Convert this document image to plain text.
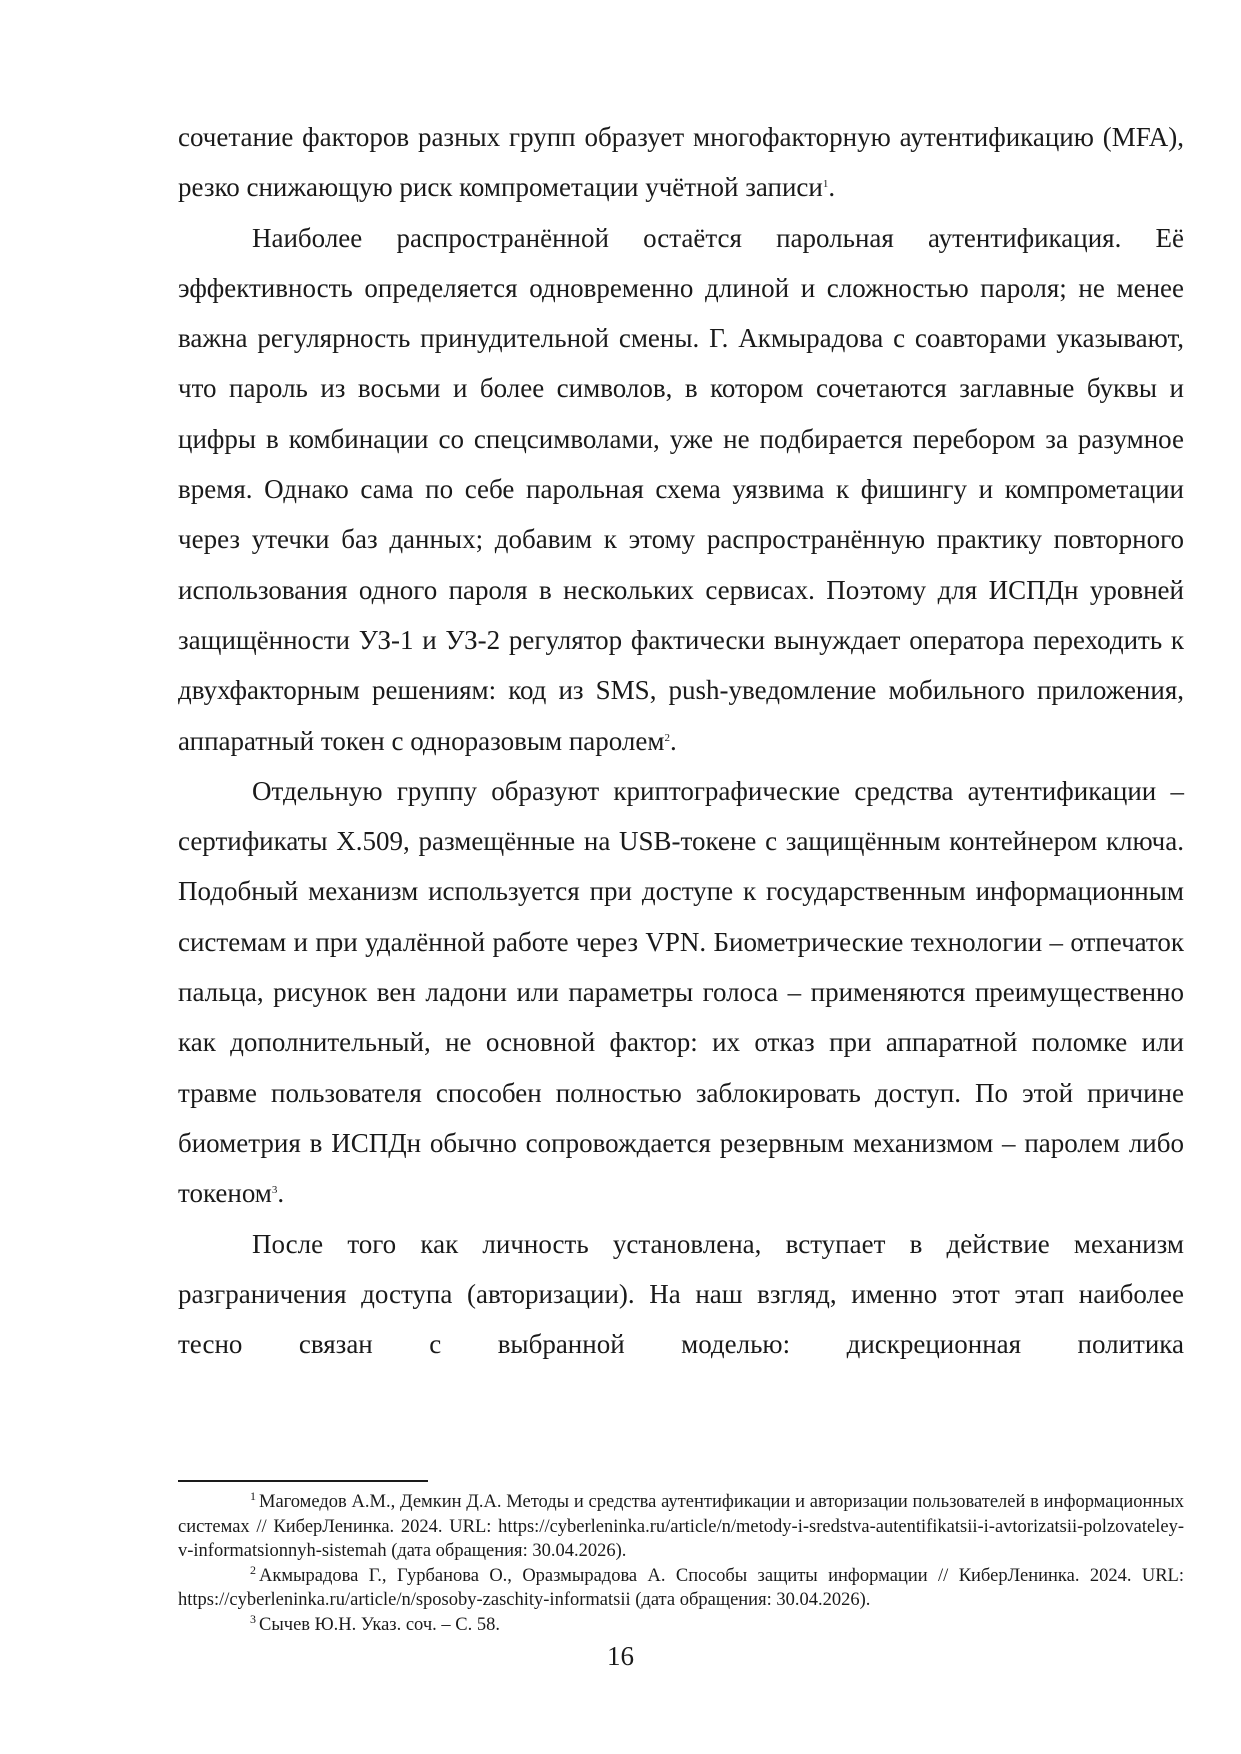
сочетание факторов разных групп образует многофакторную аутентификацию (MFA), резко снижающую риск компрометации учётной записи$^1$.

Наиболее распространённой остаётся парольная аутентификация. Её эффективность определяется одновременно длиной и сложностью пароля; не менее важна регулярность принудительной смены. Г. Акмырадова с соавторами указывают, что пароль из восьми и более символов, в котором сочетаются заглавные буквы и цифры в комбинации со спецсимволами, уже не подбирается перебором за разумное время. Однако сама по себе парольная схема уязвима к фишингу и компрометации через утечки баз данных; добавим к этому распространённую практику повторного использования одного пароля в нескольких сервисах. Поэтому для ИСПДн уровней защищённости УЗ-1 и УЗ-2 регулятор фактически вынуждает оператора переходить к двухфакторным решениям: код из SMS, push-уведомление мобильного приложения, аппаратный токен с одноразовым паролем$^2$.

Отдельную группу образуют криптографические средства аутентификации – сертификаты X.509, размещённые на USB-токене с защищённым контейнером ключа. Подобный механизм используется при доступе к государственным информационным системам и при удалённой работе через VPN. Биометрические технологии – отпечаток пальца, рисунок вен ладони или параметры голоса – применяются преимущественно как дополнительный, не основной фактор: их отказ при аппаратной поломке или травме пользователя способен полностью заблокировать доступ. По этой причине биометрия в ИСПДн обычно сопровождается резервным механизмом – паролем либо токеном$^3$.

После того как личность установлена, вступает в действие механизм разграничения доступа (авторизации). На наш взгляд, именно этот этап наиболее тесно связан с выбранной моделью: дискреционная политика

$^1$ Магомедов А.М., Демкин Д.А. Методы и средства аутентификации и авторизации пользователей в информационных системах // КиберЛенинка. 2024. URL: https://cyberleninka.ru/article/n/metody-i-sredstva-autentifikatsii-i-avtorizatsii-polzovateley-v-informatsionnyh-sistemah (дата обращения: 30.04.2026).

$^2$ Акмырадова Г., Гурбанова О., Оразмырадова А. Способы защиты информации // КиберЛенинка. 2024. URL: https://cyberleninka.ru/article/n/sposoby-zaschity-informatsii (дата обращения: 30.04.2026).

$^3$ Сычев Ю.Н. Указ. соч. – С. 58.

16
